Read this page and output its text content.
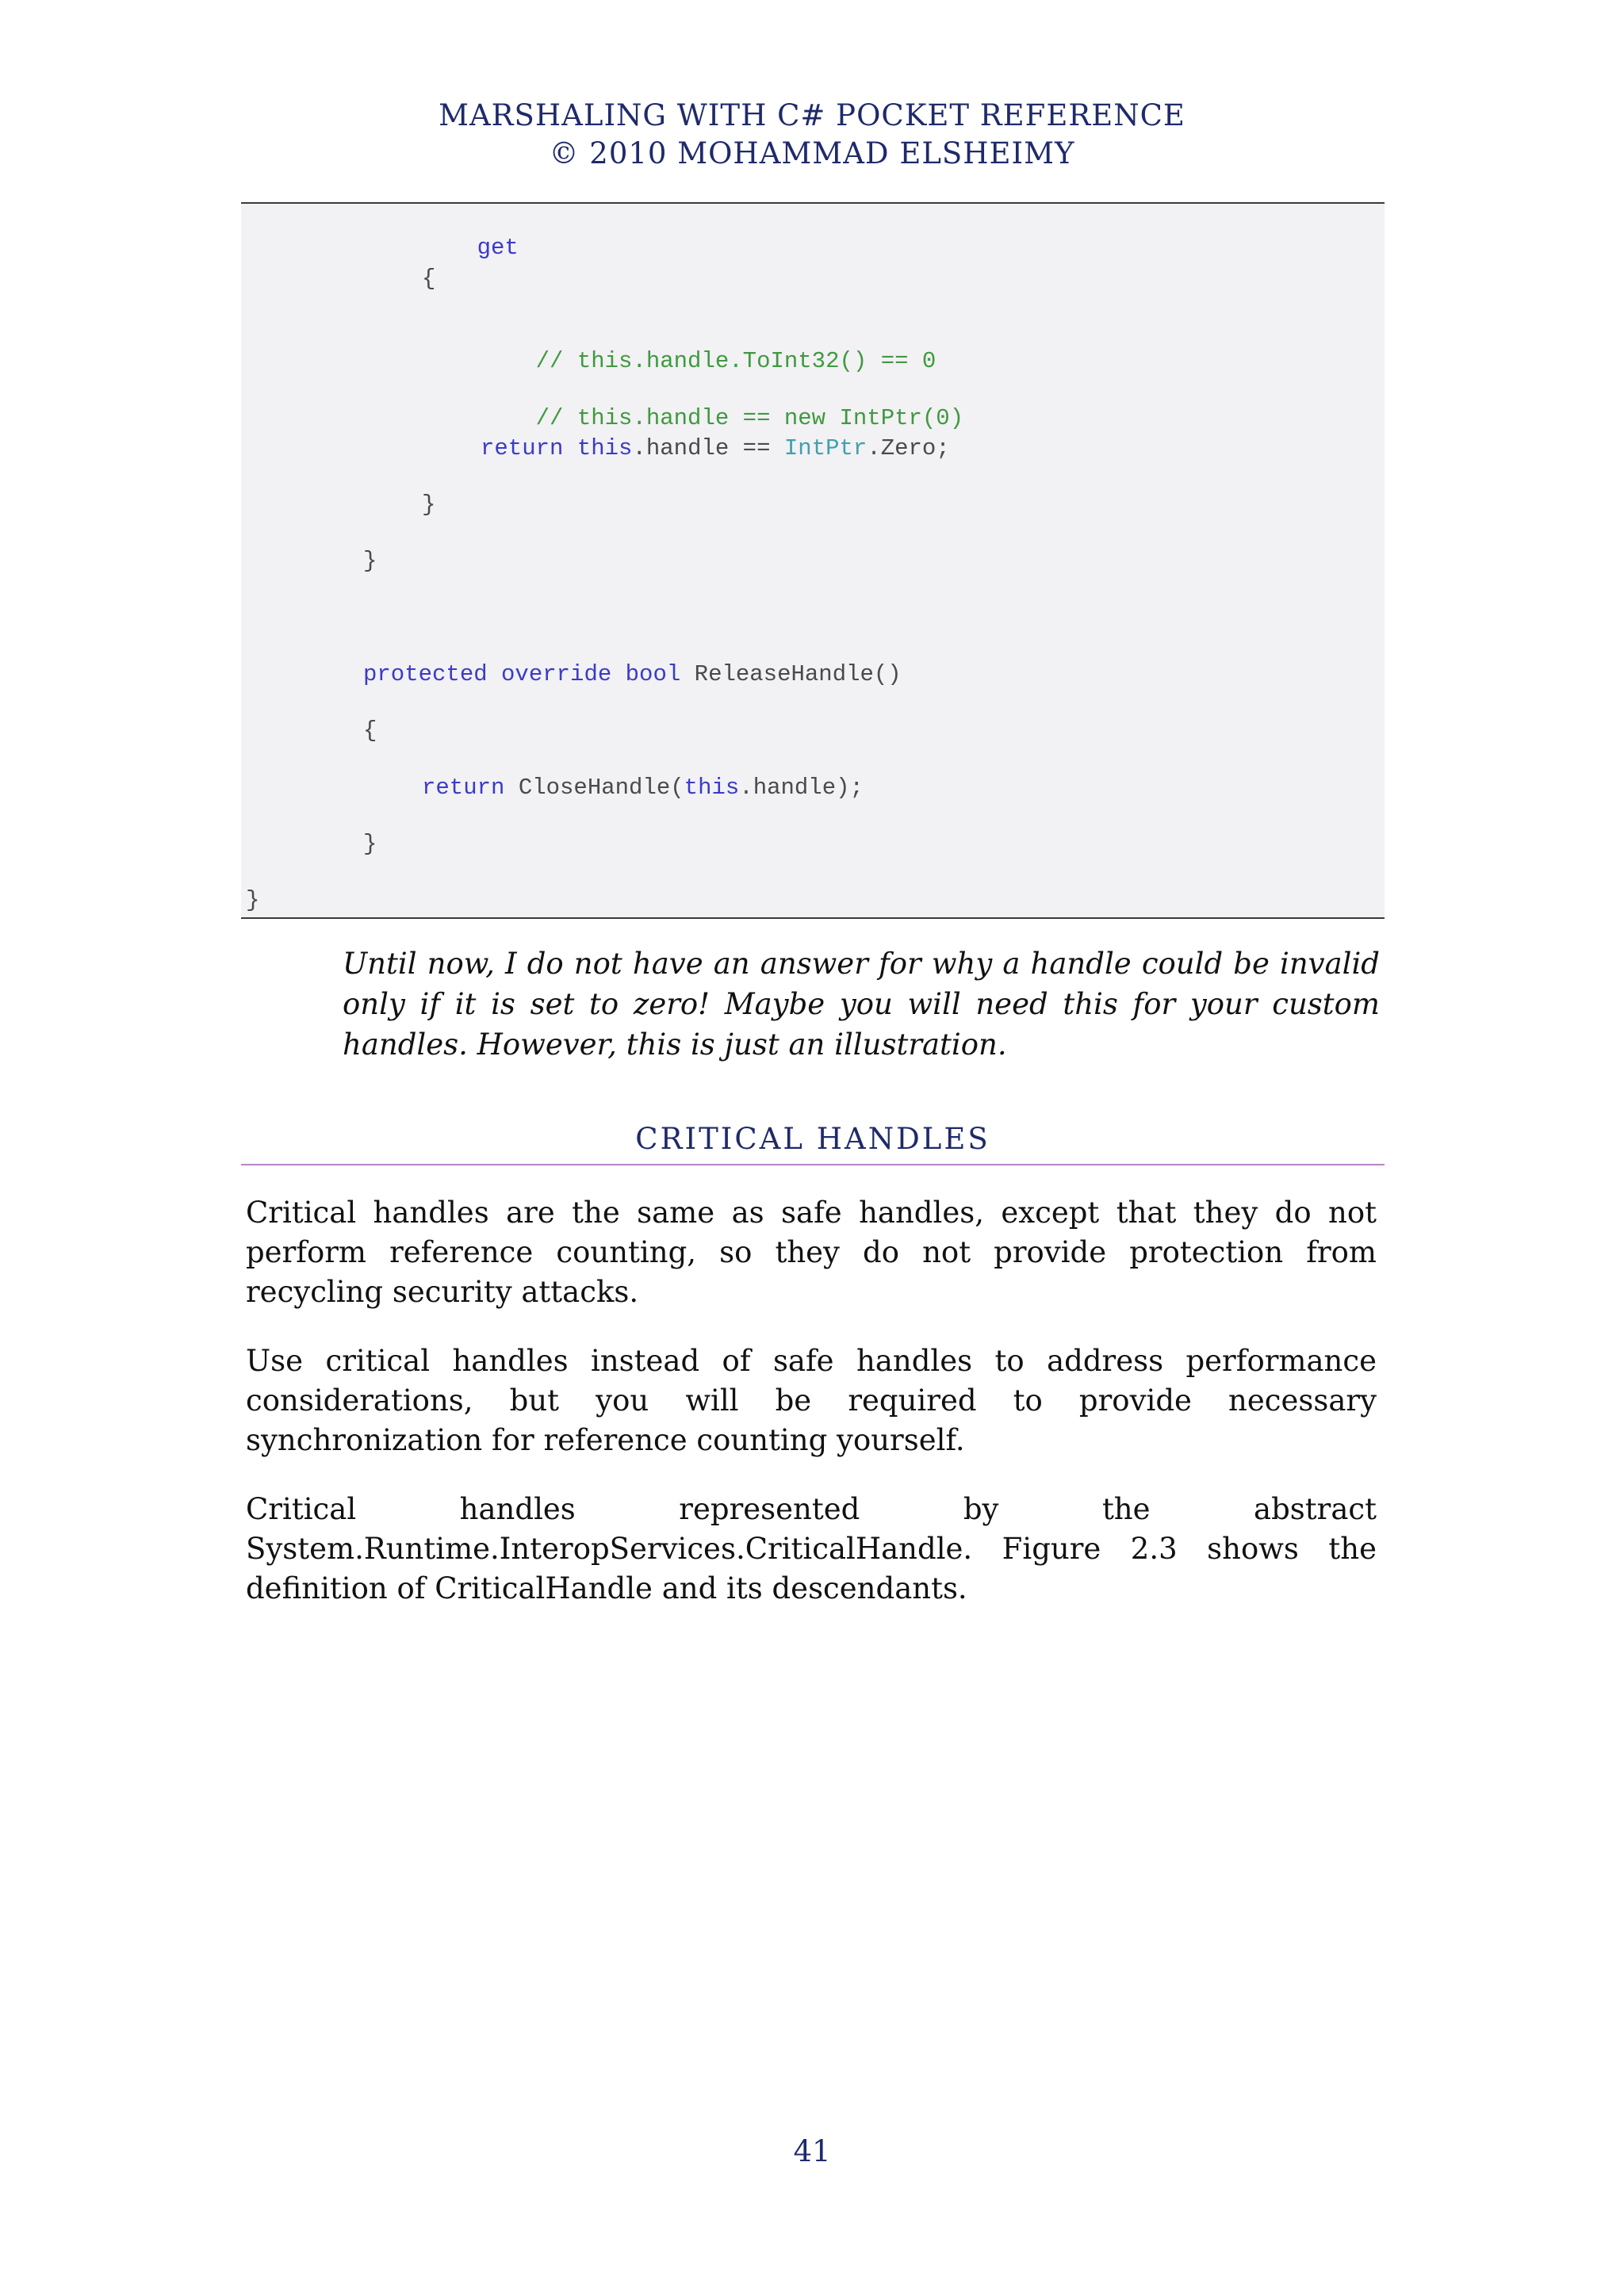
MARSHALING WITH C# POCKET REFERENCE
© 2010 MOHAMMAD ELSHEIMY

get

{

// this.handle.ToInt32() == 0

// this.handle == new IntPtr(0)

return this.handle == IntPtr.Zero;
}
}
protected override bool ReleaseHandle()
{
return CloseHandle(this.handle);
}
}
Until now, I do not have an answer for why a handle could be invalid only if it is set to zero! Maybe you will need this for your custom handles. However, this is just an illustration.
CRITICAL HANDLES
Critical handles are the same as safe handles, except that they do not perform reference counting, so they do not provide protection from recycling security attacks.
Use critical handles instead of safe handles to address performance considerations, but you will be required to provide necessary synchronization for reference counting yourself.
Critical handles represented by the abstract System.Runtime.InteropServices.CriticalHandle. Figure 2.3 shows the definition of CriticalHandle and its descendants.
41
